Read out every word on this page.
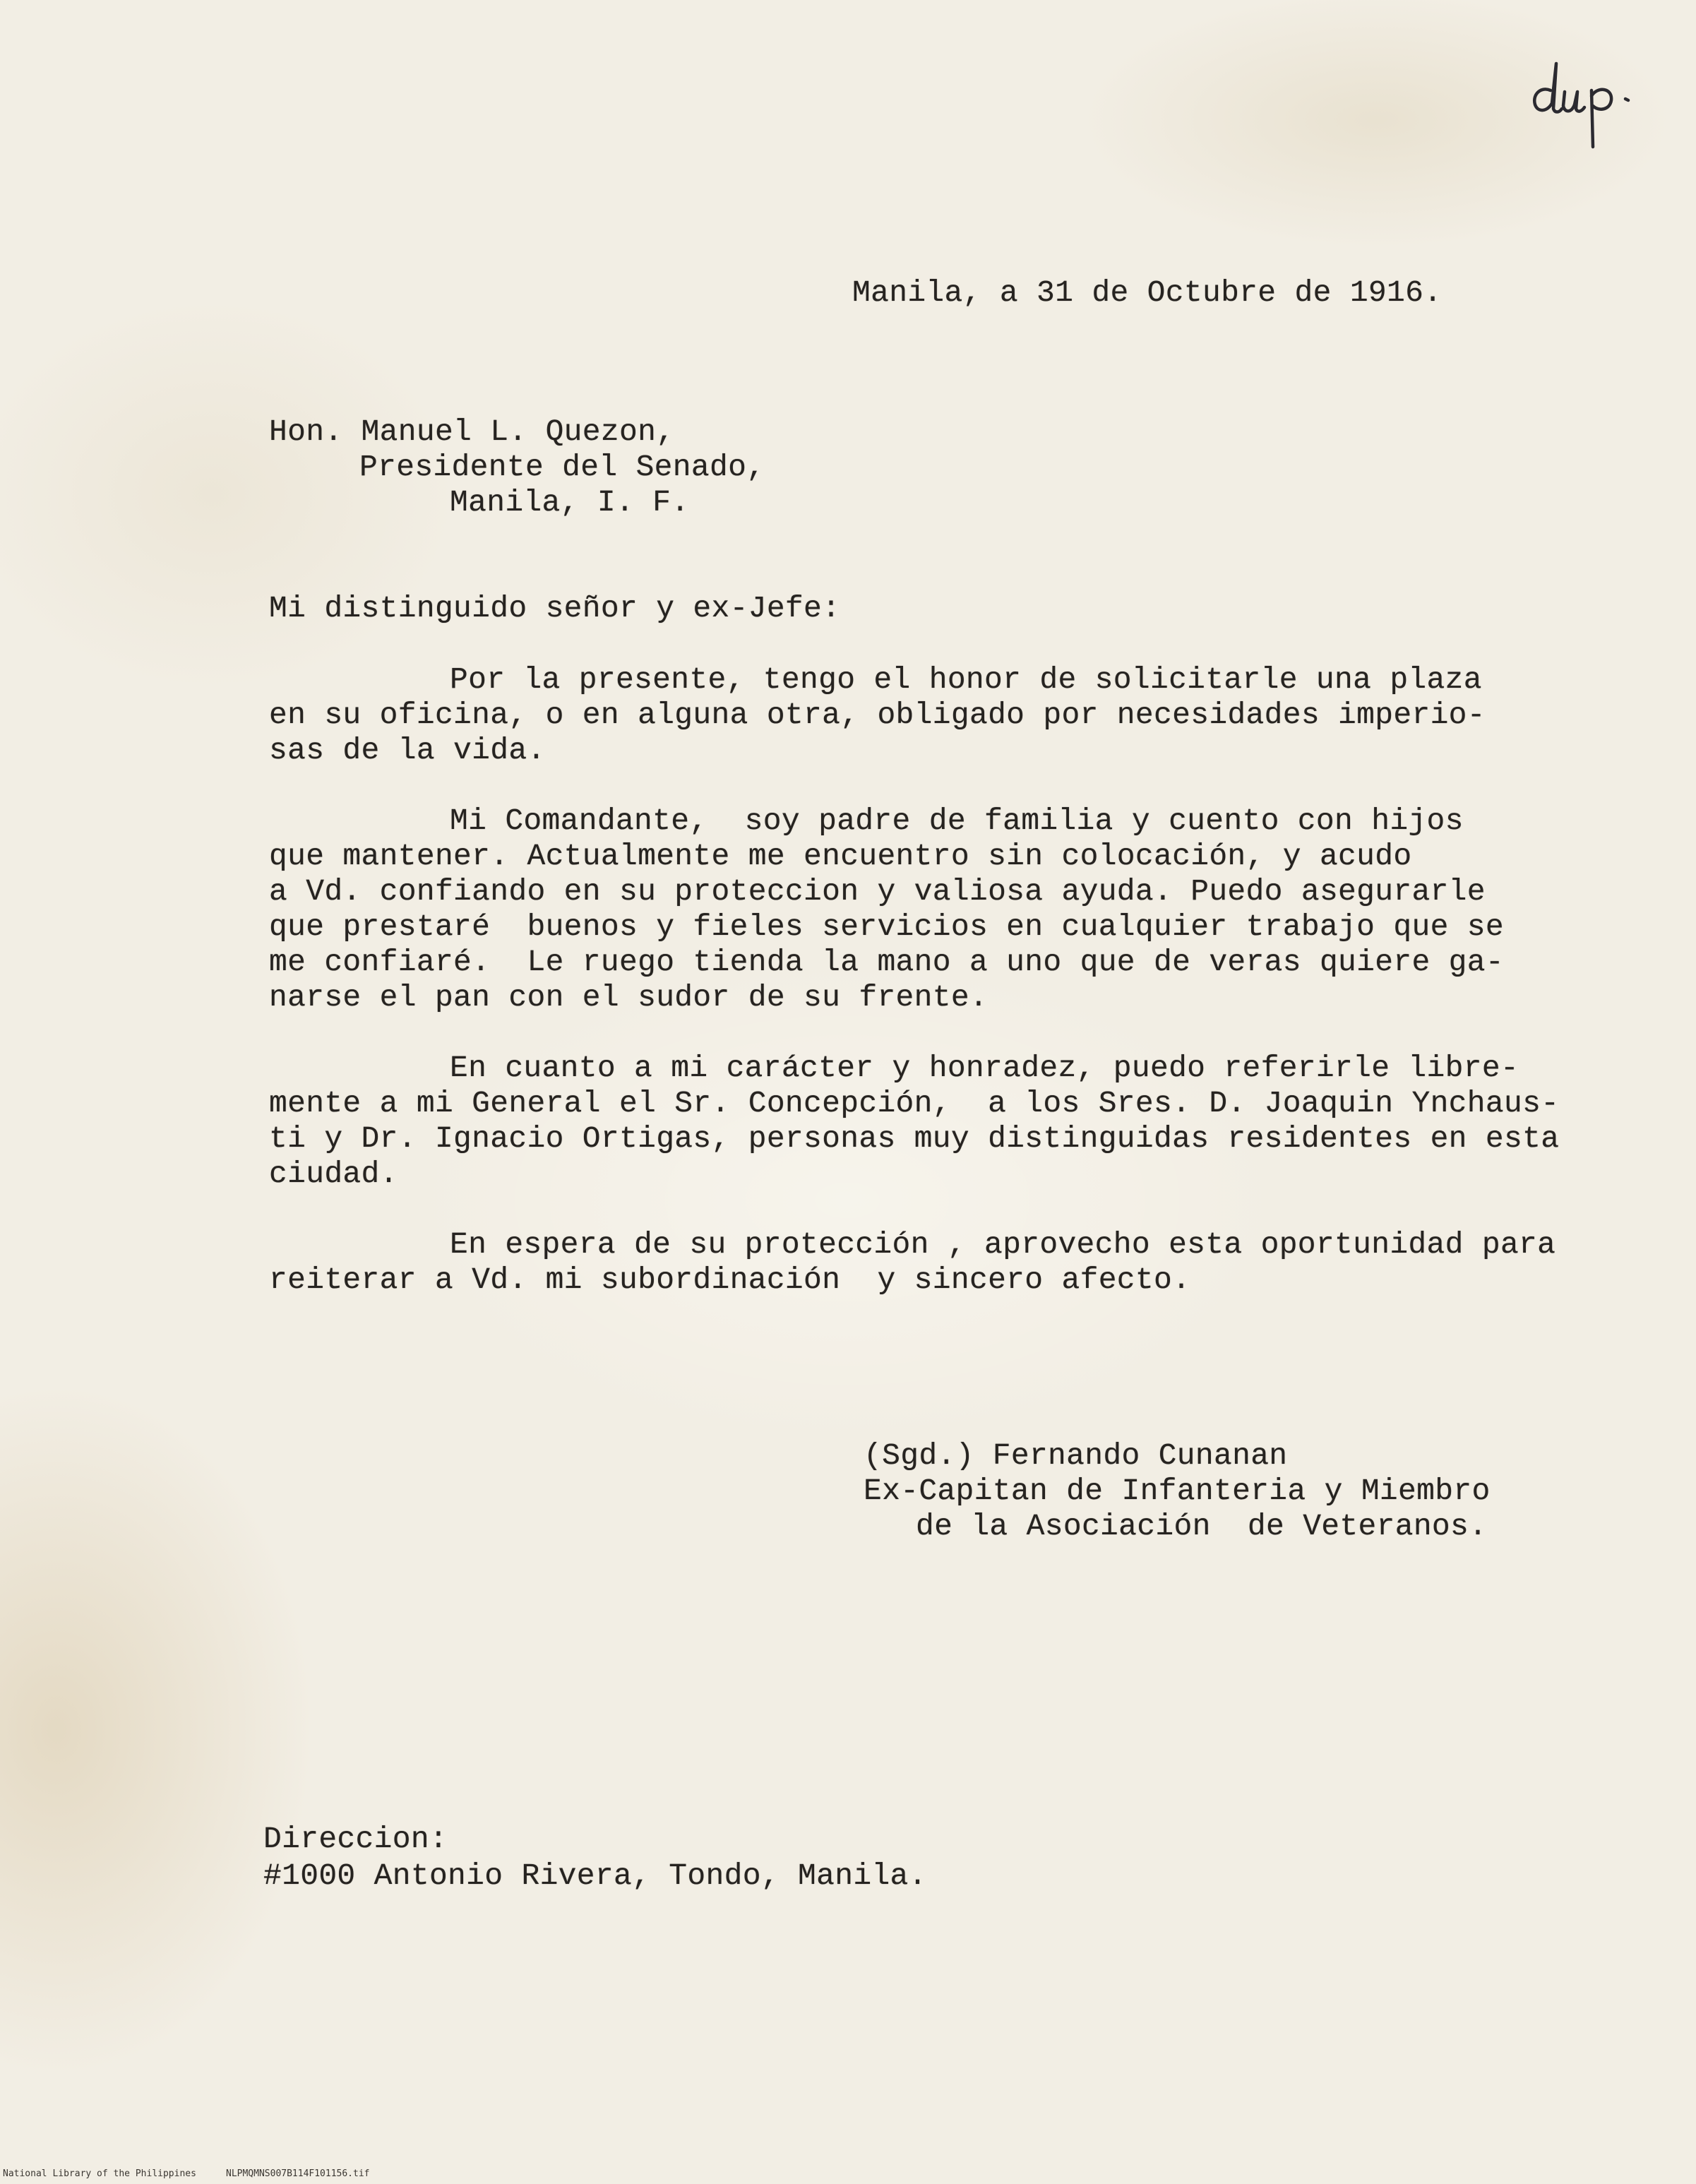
Manila, a 31 de Octubre de 1916.
Hon. Manuel L. Quezon,
Presidente del Senado,
Manila, I. F.
Mi distinguido señor y ex-Jefe:
Por la presente, tengo el honor de solicitarle una plaza
en su oficina, o en alguna otra, obligado por necesidades imperio-
sas de la vida.
Mi Comandante,  soy padre de familia y cuento con hijos
que mantener. Actualmente me encuentro sin colocación, y acudo
a Vd. confiando en su proteccion y valiosa ayuda. Puedo asegurarle
que prestaré  buenos y fieles servicios en cualquier trabajo que se
me confiaré.  Le ruego tienda la mano a uno que de veras quiere ga-
narse el pan con el sudor de su frente.
En cuanto a mi carácter y honradez, puedo referirle libre-
mente a mi General el Sr. Concepción,  a los Sres. D. Joaquin Ynchaus-
ti y Dr. Ignacio Ortigas, personas muy distinguidas residentes en esta
ciudad.
En espera de su protección , aprovecho esta oportunidad para
reiterar a Vd. mi subordinación  y sincero afecto.
(Sgd.) Fernando Cunanan
Ex-Capitan de Infanteria y Miembro
de la Asociación  de Veteranos.
Direccion:
#1000 Antonio Rivera, Tondo, Manila.
National Library of the Philippines	NLPMQMNS007B114F101156.tif
